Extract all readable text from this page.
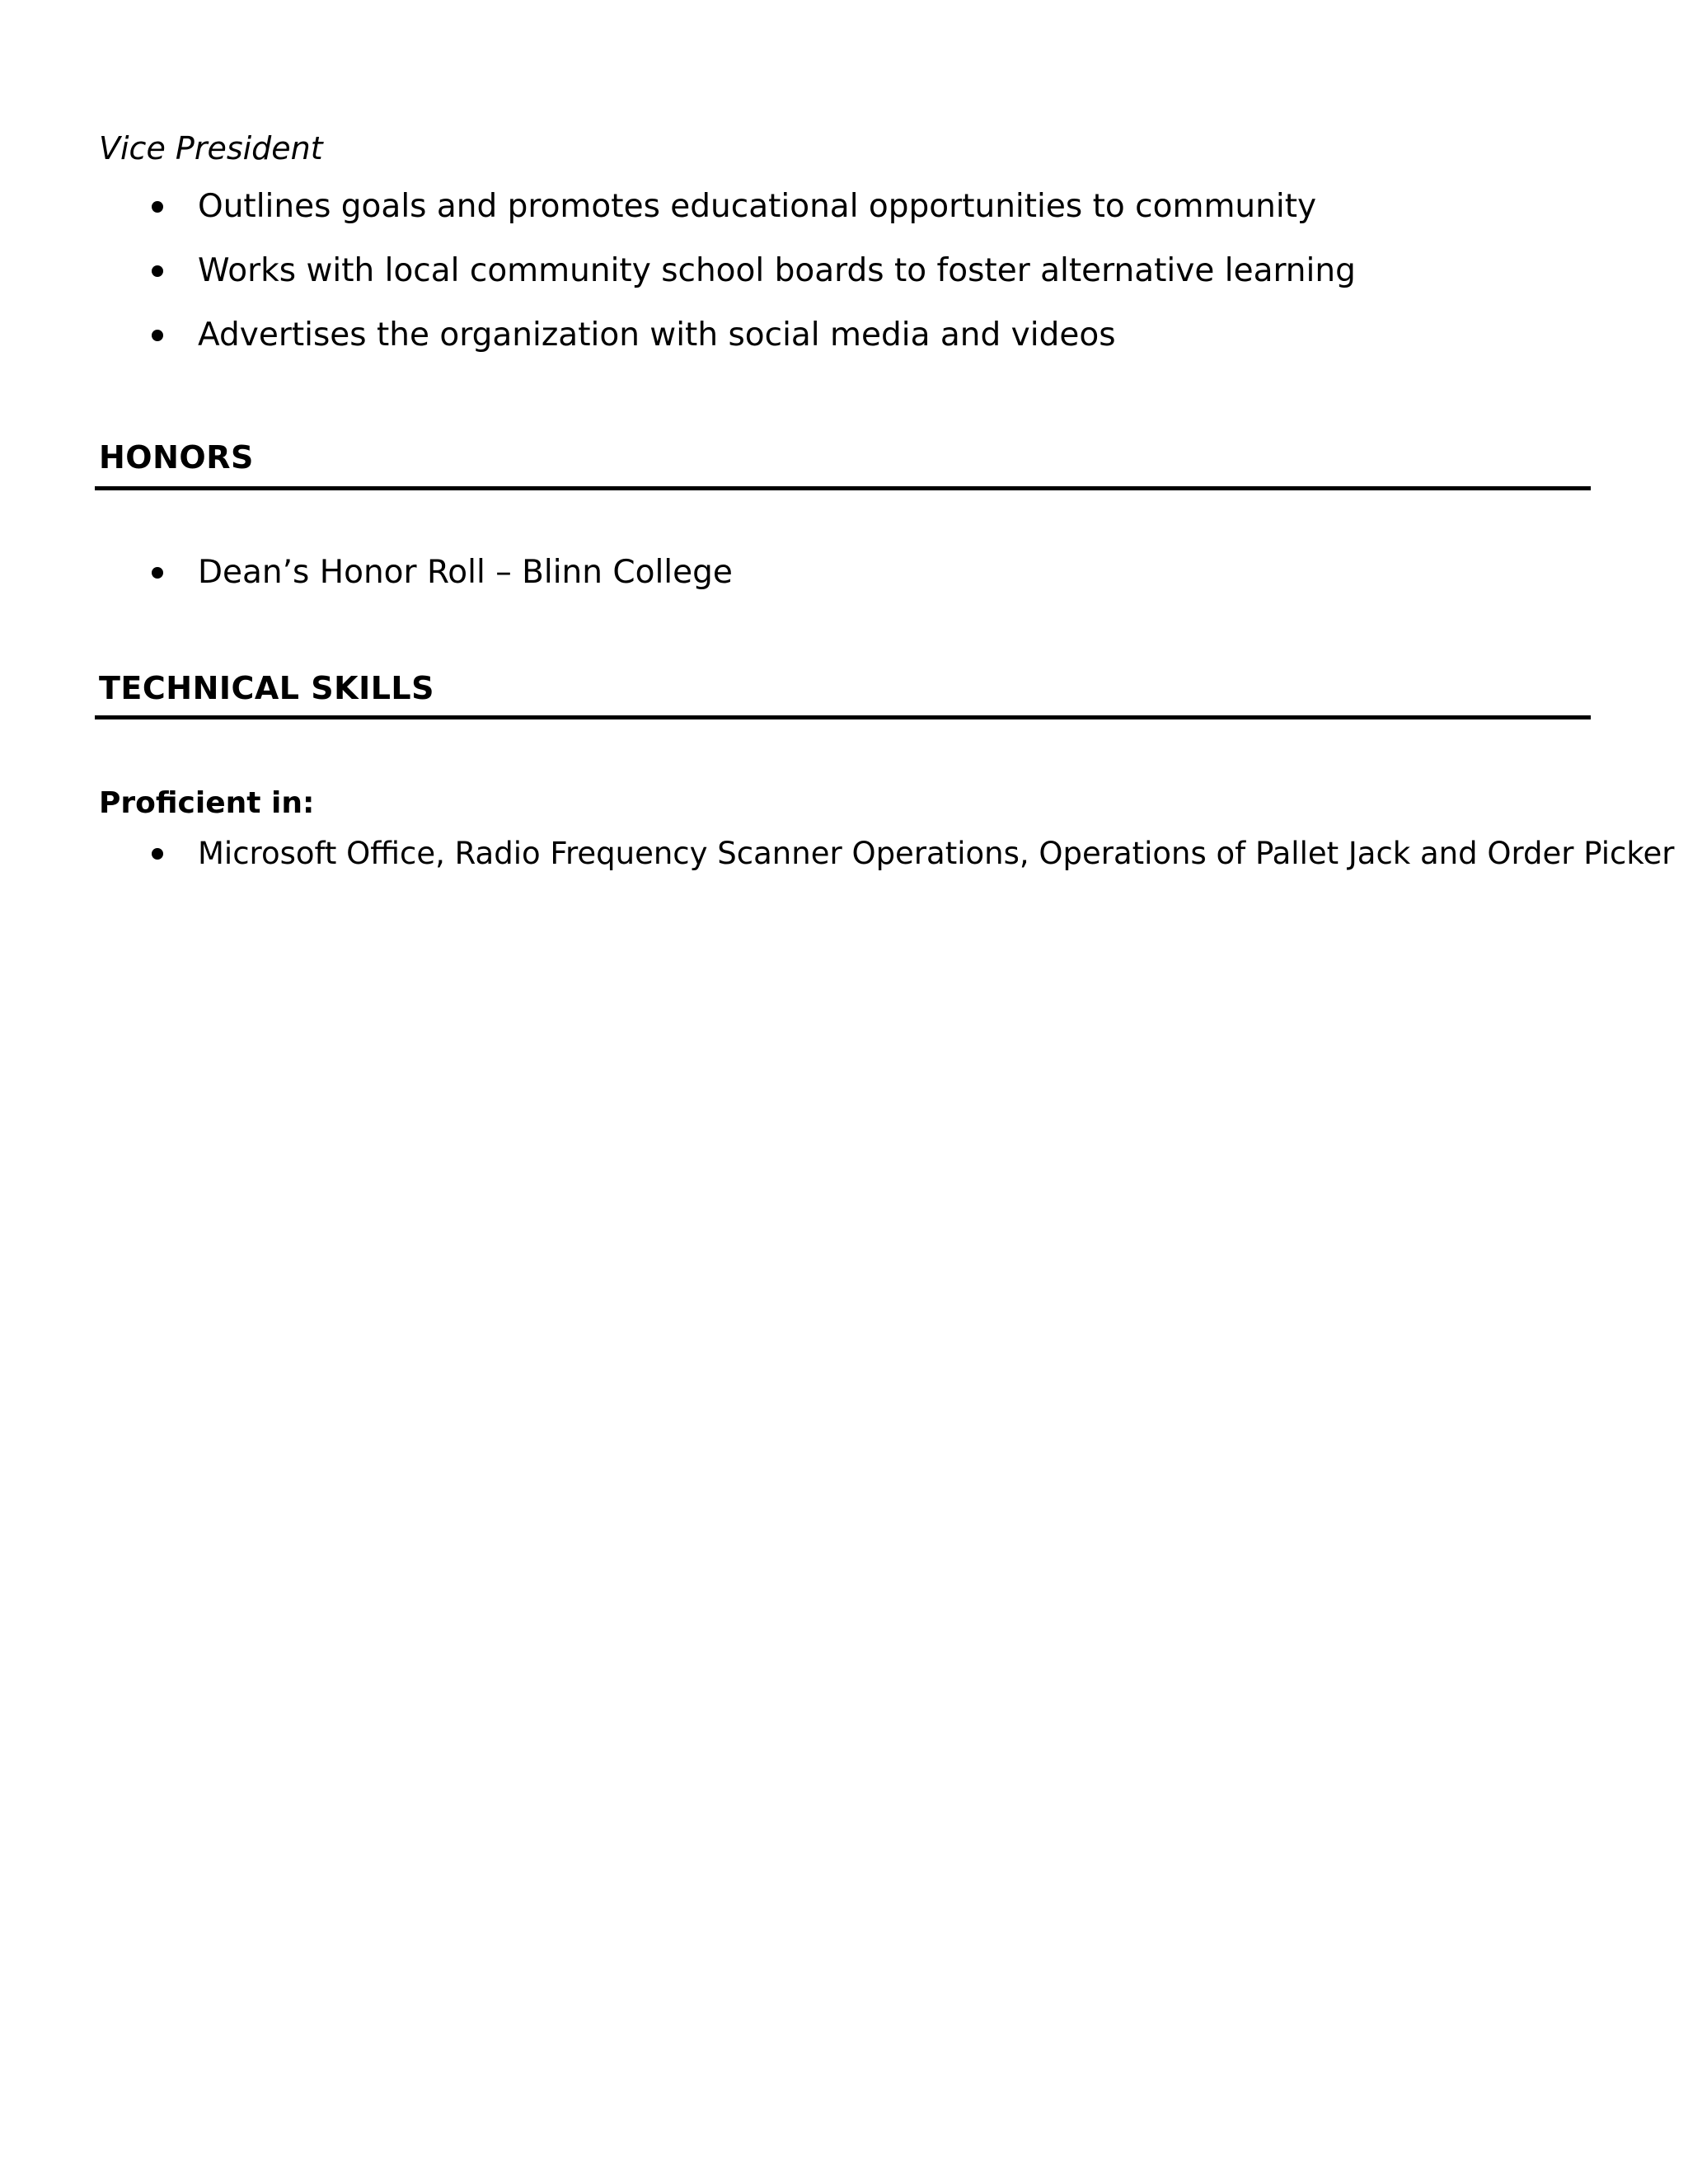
Vice President

Outlines goals and promotes educational opportunities to community
Works with local community school boards to foster alternative learning
Advertises the organization with social media and videos
HONORS
Dean’s Honor Roll – Blinn College
TECHNICAL SKILLS

Proficient in:

Microsoft Office, Radio Frequency Scanner Operations, Operations of Pallet Jack and Order Picker
